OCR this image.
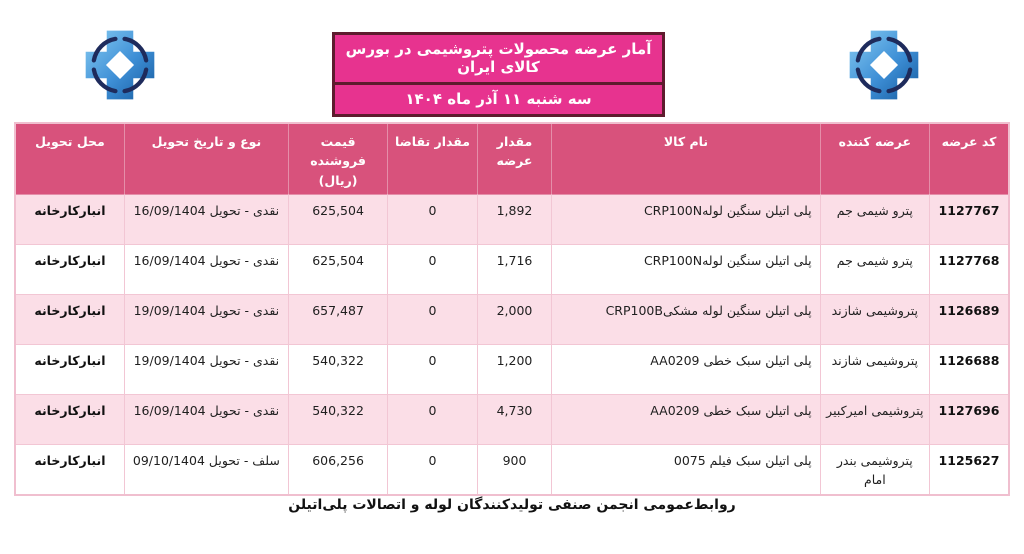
آمار عرضه محصولات پتروشیمی در بورس کالای ایران
سه شنبه ۱۱ آذر ماه ۱۴۰۴
کد عرضه	عرضه کننده	نام کالا	مقدار عرضه	مقدار تقاضا	قیمت فروشنده (ریال)	نوع و تاریخ تحویل	محل تحویل
1127767	پترو شیمی جم	پلی اتیلن سنگین لوله‌CRP100N	1,892	0	625,504	نقدی - تحویل 16/09/1404	انبارکارخانه
1127768	پترو شیمی جم	پلی اتیلن سنگین لوله‌CRP100N	1,716	0	625,504	نقدی - تحویل 16/09/1404	انبارکارخانه
1126689	پتروشیمی شازند	پلی اتیلن سنگین لوله مشکی‌CRP100B	2,000	0	657,487	نقدی - تحویل 19/09/1404	انبارکارخانه
1126688	پتروشیمی شازند	پلی اتیلن سبک خطی AA0209	1,200	0	540,322	نقدی - تحویل 19/09/1404	انبارکارخانه
1127696	پتروشیمی امیرکبیر	پلی اتیلن سبک خطی AA0209	4,730	0	540,322	نقدی - تحویل 16/09/1404	انبارکارخانه
1125627	پتروشیمی بندر امام	پلی اتیلن سبک فیلم 0075	900	0	606,256	سلف - تحویل 09/10/1404	انبارکارخانه
روابط‌عمومی انجمن صنفی تولیدکنندگان لوله و اتصالات پلی‌اتیلن
